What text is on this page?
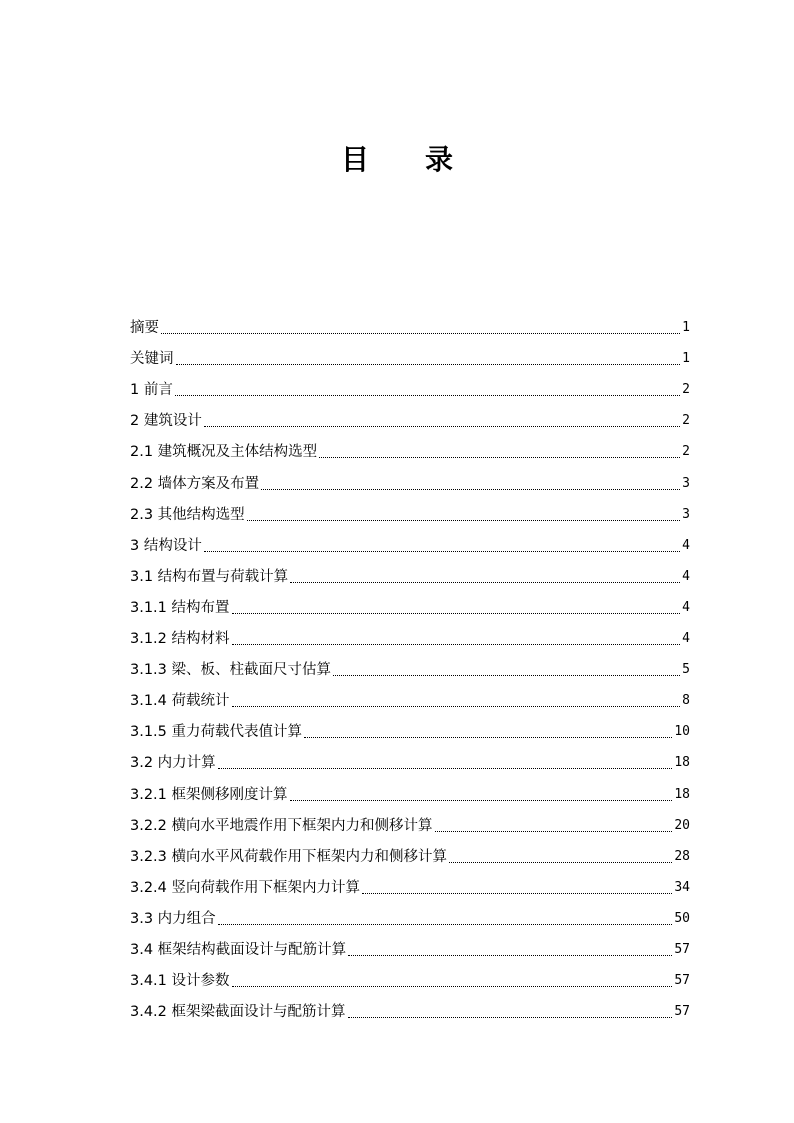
目　　录
摘要	1
关键词	1
1 前言	2
2 建筑设计	2
2.1 建筑概况及主体结构选型	2
2.2 墙体方案及布置	3
2.3 其他结构选型	3
3 结构设计	4
3.1 结构布置与荷载计算	4
3.1.1 结构布置	4
3.1.2 结构材料	4
3.1.3 梁、板、柱截面尺寸估算	5
3.1.4 荷载统计	8
3.1.5 重力荷载代表值计算	10
3.2 内力计算	18
3.2.1 框架侧移刚度计算	18
3.2.2 横向水平地震作用下框架内力和侧移计算	20
3.2.3 横向水平风荷载作用下框架内力和侧移计算	28
3.2.4 竖向荷载作用下框架内力计算	34
3.3 内力组合	50
3.4 框架结构截面设计与配筋计算	57
3.4.1 设计参数	57
3.4.2 框架梁截面设计与配筋计算	57
